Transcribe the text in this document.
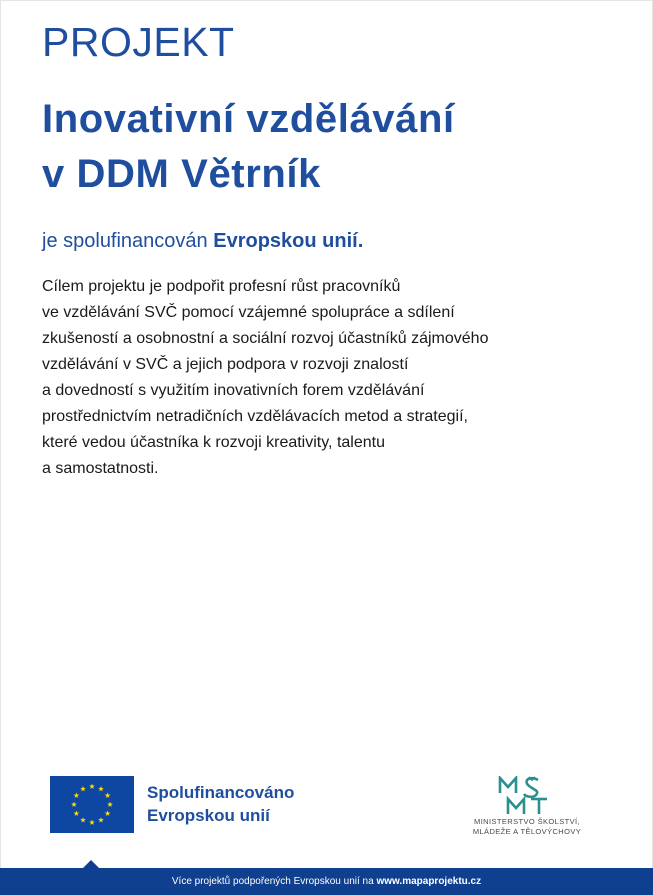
PROJEKT
Inovativní vzdělávání
v DDM Větrník
je spolufinancován Evropskou unií.
Cílem projektu je podpořit profesní růst pracovníků
ve vzdělávání SVČ pomocí vzájemné spolupráce a sdílení
zkušeností a osobnostní a sociální rozvoj účastníků zájmového
vzdělávání v SVČ a jejich podpora v rozvoji znalostí
a dovedností s využitím inovativních forem vzdělávání
prostřednictvím netradičních vzdělávacích metod a strategií,
které vedou účastníka k rozvoji kreativity, talentu
a samostatnosti.
Spolufinancováno
Evropskou unií	MINISTERSTVO ŠKOLSTVÍ,
MLÁDEŽE A TĚLOVÝCHOVY
Více projektů podpořených Evropskou unií na www.mapaprojektu.cz
